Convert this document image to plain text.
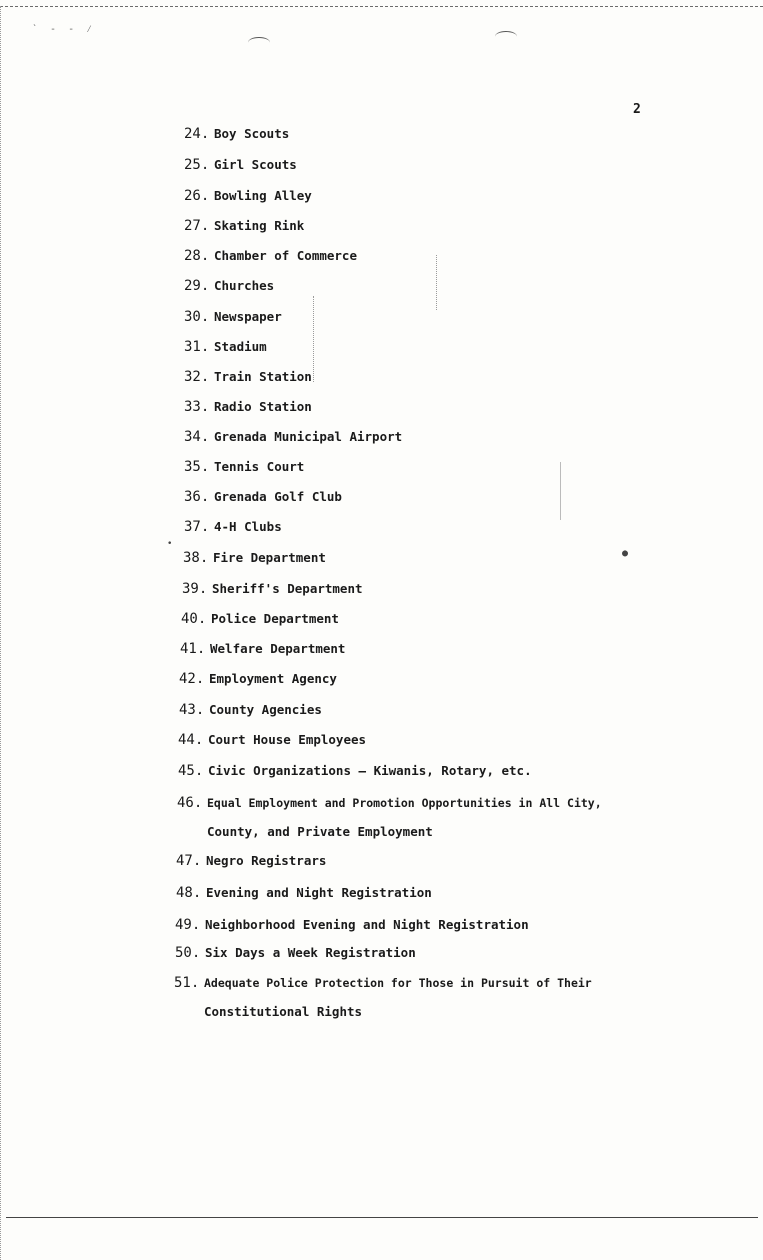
ˋ - - ⁄
2
●
•
24. Boy Scouts
25. Girl Scouts
26. Bowling Alley
27. Skating Rink
28. Chamber of Commerce
29. Churches
30. Newspaper
31. Stadium
32. Train Station
33. Radio Station
34. Grenada Municipal Airport
35. Tennis Court
36. Grenada Golf Club
37. 4-H Clubs
38. Fire Department
39. Sheriff's Department
40. Police Department
41. Welfare Department
42. Employment Agency
43. County Agencies
44. Court House Employees
45. Civic Organizations — Kiwanis, Rotary, etc.
46. Equal Employment and Promotion Opportunities in All City,
County, and Private Employment
47. Negro Registrars
48. Evening and Night Registration
49. Neighborhood Evening and Night Registration
50. Six Days a Week Registration
51. Adequate Police Protection for Those in Pursuit of Their
Constitutional Rights
